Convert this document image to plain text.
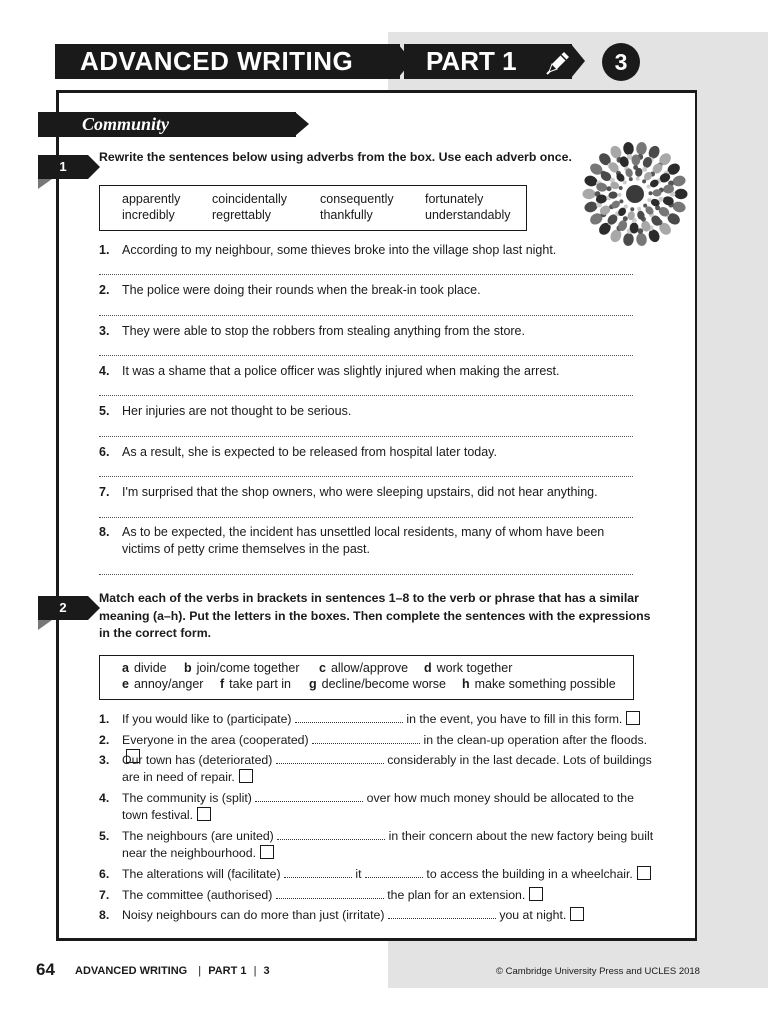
ADVANCED WRITING	PART 1	3
Community
1
Rewrite the sentences below using adverbs from the box. Use each adverb once.
apparently	coincidentally	consequently	fortunately
incredibly	regrettably	thankfully	understandably
1. According to my neighbour, some thieves broke into the village shop last night.
2. The police were doing their rounds when the break-in took place.
3. They were able to stop the robbers from stealing anything from the store.
4. It was a shame that a police officer was slightly injured when making the arrest.
5. Her injuries are not thought to be serious.
6. As a result, she is expected to be released from hospital later today.
7. I'm surprised that the shop owners, who were sleeping upstairs, did not hear anything.
8. As to be expected, the incident has unsettled local residents, many of whom have been victims of petty crime themselves in the past.
2
Match each of the verbs in brackets in sentences 1–8 to the verb or phrase that has a similar meaning (a–h). Put the letters in the boxes. Then complete the sentences with the expressions in the correct form.
a divide b join/come together c allow/approve d work together
e annoy/anger f take part in g decline/become worse h make something possible
1. If you would like to (participate)	in the event, you have to fill in this form.
2. Everyone in the area (cooperated)	in the clean-up operation after the floods.
3. Our town has (deteriorated)	considerably in the last decade. Lots of buildings are in need of repair.
4. The community is (split)	over how much money should be allocated to the town festival.
5. The neighbours (are united)	in their concern about the new factory being built near the neighbourhood.
6. The alterations will (facilitate)	it	to access the building in a wheelchair.
7. The committee (authorised)	the plan for an extension.
8. Noisy neighbours can do more than just (irritate)	you at night.
64 ADVANCED WRITING | PART 1 | 3	© Cambridge University Press and UCLES 2018
